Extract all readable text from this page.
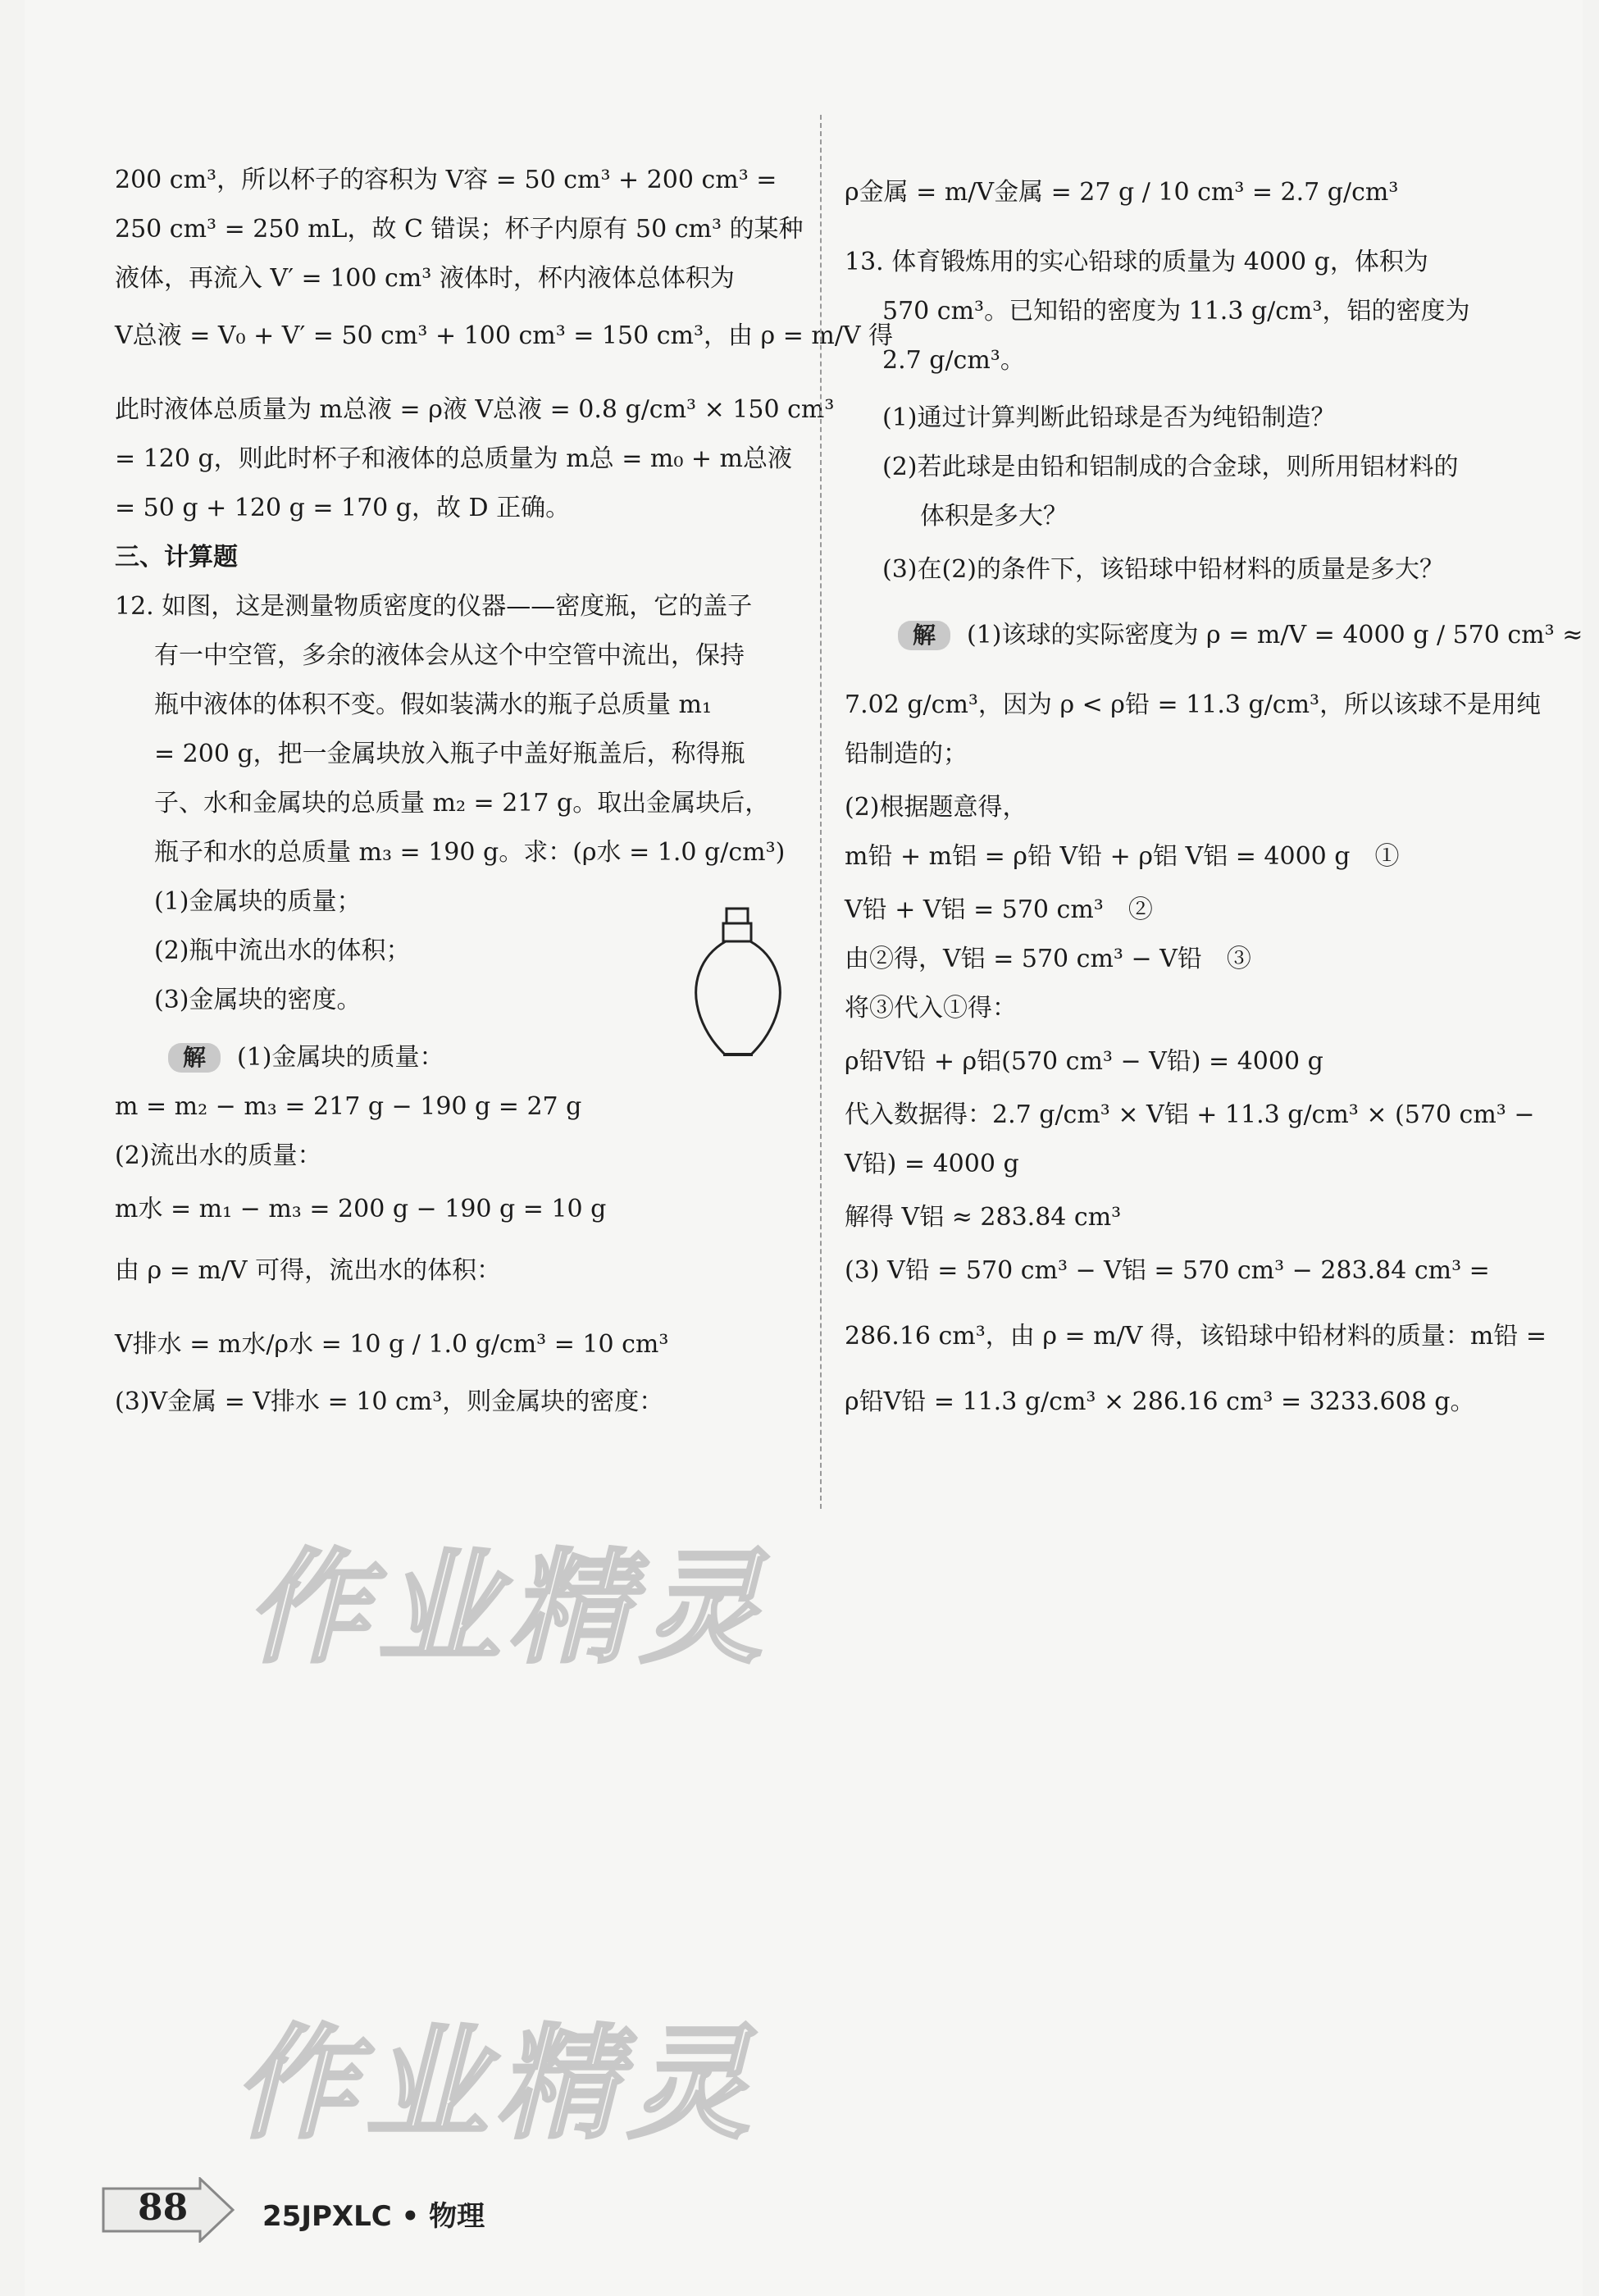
200 cm³，所以杯子的容积为 V容 = 50 cm³ + 200 cm³ =
250 cm³ = 250 mL，故 C 错误；杯子内原有 50 cm³ 的某种
液体，再流入 V′ = 100 cm³ 液体时，杯内液体总体积为
V总液 = V₀ + V′ = 50 cm³ + 100 cm³ = 150 cm³，由 ρ = m/V 得
此时液体总质量为 m总液 = ρ液 V总液 = 0.8 g/cm³ × 150 cm³
= 120 g，则此时杯子和液体的总质量为 m总 = m₀ + m总液
= 50 g + 120 g = 170 g，故 D 正确。
三、计算题
12. 如图，这是测量物质密度的仪器——密度瓶，它的盖子
有一中空管，多余的液体会从这个中空管中流出，保持
瓶中液体的体积不变。假如装满水的瓶子总质量 m₁
= 200 g，把一金属块放入瓶子中盖好瓶盖后，称得瓶
子、水和金属块的总质量 m₂ = 217 g。取出金属块后，
瓶子和水的总质量 m₃ = 190 g。求：(ρ水 = 1.0 g/cm³)
(1)金属块的质量；
(2)瓶中流出水的体积；
(3)金属块的密度。
解 (1)金属块的质量：
m = m₂ − m₃ = 217 g − 190 g = 27 g
(2)流出水的质量：
m水 = m₁ − m₃ = 200 g − 190 g = 10 g
由 ρ = m/V 可得，流出水的体积：
V排水 = m水/ρ水 = 10 g / 1.0 g/cm³ = 10 cm³
(3)V金属 = V排水 = 10 cm³，则金属块的密度：
ρ金属 = m/V金属 = 27 g / 10 cm³ = 2.7 g/cm³
13. 体育锻炼用的实心铅球的质量为 4000 g，体积为
570 cm³。已知铅的密度为 11.3 g/cm³，铝的密度为
2.7 g/cm³。
(1)通过计算判断此铅球是否为纯铅制造？
(2)若此球是由铅和铝制成的合金球，则所用铝材料的
体积是多大？
(3)在(2)的条件下，该铅球中铅材料的质量是多大？
解 (1)该球的实际密度为 ρ = m/V = 4000 g / 570 cm³ ≈
7.02 g/cm³，因为 ρ < ρ铅 = 11.3 g/cm³，所以该球不是用纯
铅制造的；
(2)根据题意得，
m铅 + m铝 = ρ铅 V铅 + ρ铝 V铝 = 4000 g　①
V铅 + V铝 = 570 cm³　②
由②得，V铝 = 570 cm³ − V铅　③
将③代入①得：
ρ铅V铅 + ρ铝(570 cm³ − V铅) = 4000 g
代入数据得：2.7 g/cm³ × V铝 + 11.3 g/cm³ × (570 cm³ −
V铅) = 4000 g
解得 V铝 ≈ 283.84 cm³
(3) V铅 = 570 cm³ − V铝 = 570 cm³ − 283.84 cm³ =
286.16 cm³，由 ρ = m/V 得，该铅球中铅材料的质量：m铅 =
ρ铅V铅 = 11.3 g/cm³ × 286.16 cm³ = 3233.608 g。
作业精灵
作业精灵
88	25JPXLC • 物理
